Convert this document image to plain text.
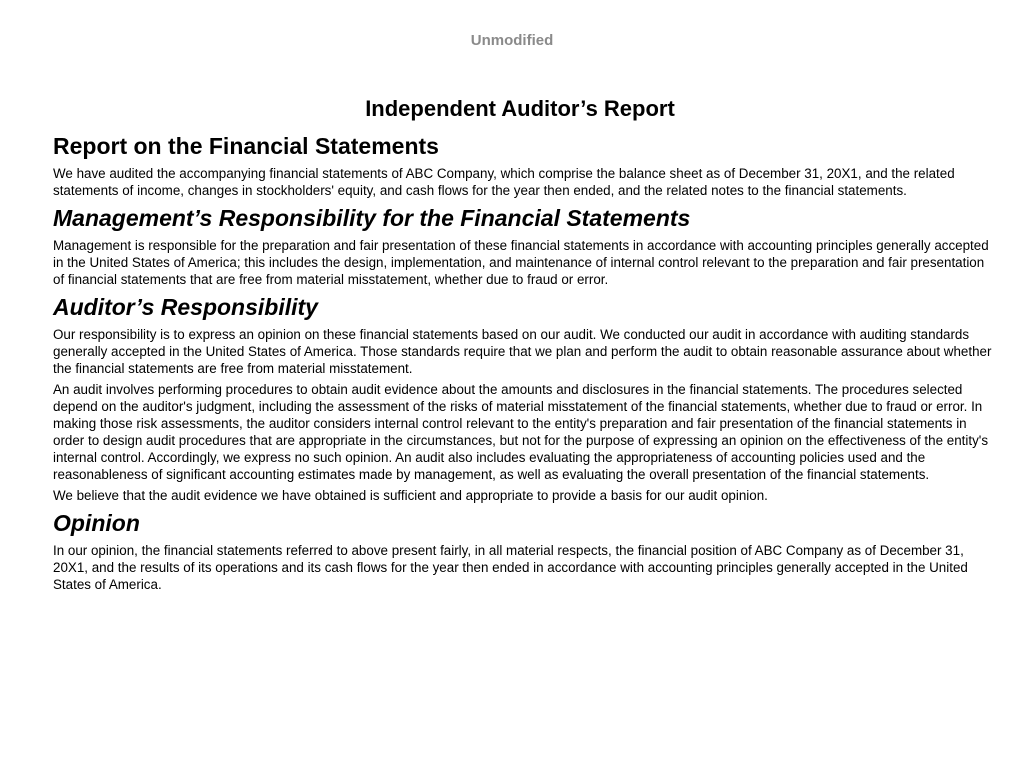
Unmodified
Independent Auditor’s Report
Report on the Financial Statements

We have audited the accompanying financial statements of ABC Company, which comprise the balance sheet as of December 31, 20X1, and the related statements of income, changes in stockholders' equity, and cash flows for the year then ended, and the related notes to the financial statements.

Management’s Responsibility for the Financial Statements

Management is responsible for the preparation and fair presentation of these financial statements in accordance with accounting principles generally accepted in the United States of America; this includes the design, implementation, and maintenance of internal control relevant to the preparation and fair presentation of financial statements that are free from material misstatement, whether due to fraud or error.

Auditor’s Responsibility

Our responsibility is to express an opinion on these financial statements based on our audit. We conducted our audit in accordance with auditing standards generally accepted in the United States of America. Those standards require that we plan and perform the audit to obtain reasonable assurance about whether the financial statements are free from material misstatement.

An audit involves performing procedures to obtain audit evidence about the amounts and disclosures in the financial statements. The procedures selected depend on the auditor's judgment, including the assessment of the risks of material misstatement of the financial statements, whether due to fraud or error. In making those risk assessments, the auditor considers internal control relevant to the entity's preparation and fair presentation of the financial statements in order to design audit procedures that are appropriate in the circumstances, but not for the purpose of expressing an opinion on the effectiveness of the entity's internal control. Accordingly, we express no such opinion. An audit also includes evaluating the appropriateness of accounting policies used and the reasonableness of significant accounting estimates made by management, as well as evaluating the overall presentation of the financial statements.

We believe that the audit evidence we have obtained is sufficient and appropriate to provide a basis for our audit opinion.

Opinion

In our opinion, the financial statements referred to above present fairly, in all material respects, the financial position of ABC Company as of December 31, 20X1, and the results of its operations and its cash flows for the year then ended in accordance with accounting principles generally accepted in the United States of America.
